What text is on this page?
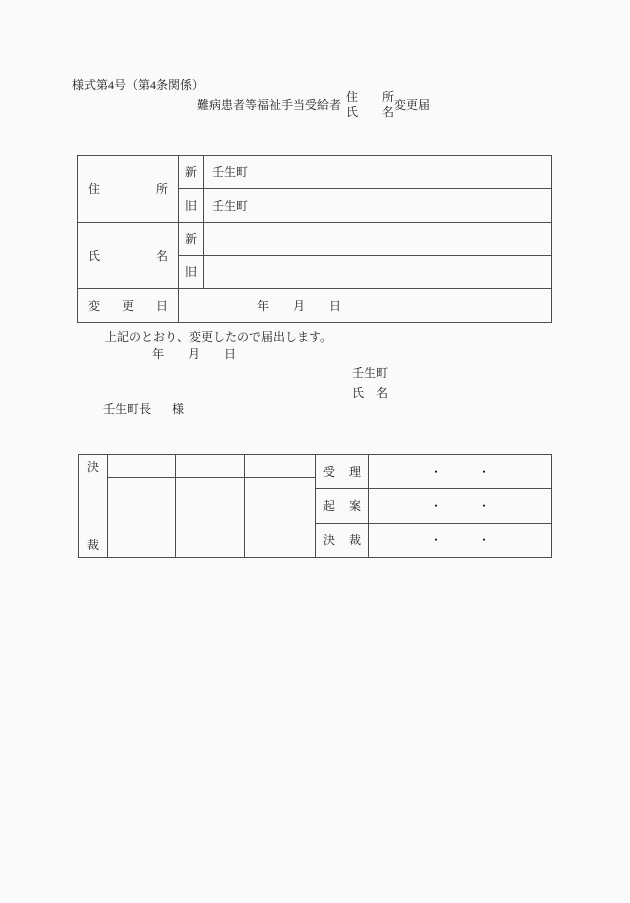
様式第4号（第4条関係）
難病患者等福祉手当受給者
住　　所
氏　　名 変更届
住 所	新	壬生町
	旧	壬生町

氏 名	新	
	旧	

変 更 日	年　　月　　日	
上記のとおり、変更したので届出します。
年　　月　　日
壬生町
氏　名
壬生町長 様
決
裁
受 理	・　　　・
起 案	・　　　・
決 裁	・　　　・
